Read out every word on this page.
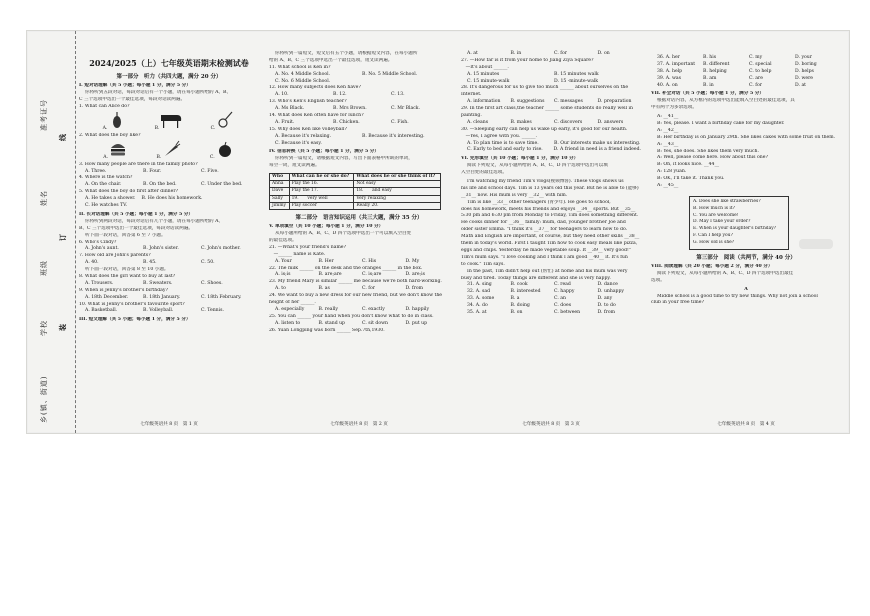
乡(镇、街道)
学校
班级
姓名
准考证号
装
订
线

2024/2025（上）七年级英语期末检测试卷

第一部分　听力（共四大题，满分 20 分）

I. 短对话理解（共 5 小题；每小题 1 分，满分 5 分）

你将听到五段对话，每段对话后有一个小题，请在每小题所给的 A、B、

C 三个选项中选出一个最佳选项，每段对话读两遍。

1. What can Alice do?

A.	B.	C.

2. What does the boy like?

A.	B.	C.

3. How many people are there in the family photo?

A. Three.	B. Four.	C. Five.

4. Where is the watch?

A. On the chair.	B. On the bed.	C. Under the bed.

5. What does the boy do first after dinner?

A. He takes a shower.	B. He does his homework.
C. He watches TV.

II. 长对话理解（共 5 小题；每小题 1 分，满分 5 分）

你将听到两段对话，每段对话后有几个小题，请在每小题所给的 A、

B、C 三个选项中选出一个最佳选项，每段对话读两遍。

听下面一段对话，回答第 6 至 7 小题。

6. Who's Cindy?

A. John's aunt.	B. John's sister.	C. John's mother.

7. How old are John's parents?

A. 40.	B. 45.	C. 50.

听下面一段对话，回答第 8 至 10 小题。

8. What does the girl want to buy at last?

A. Trousers.	B. Sweaters.	C. Shoes.

9. When is Jenny's brother's birthday?

A. 18th December.	B. 18th January.	C. 18th February.

10. What is Jenny's brother's favourite sport?

A. Basketball.	B. Volleyball.	C. Tennis.

III. 短文理解（共 5 小题；每小题 1 分，满分 5 分）

七年级英语共 8 页　第 1 页

你将听到一篇短文，短文后有五个小题，请根据短文内容，在每小题所

给的 A、B、C 三个选项中选出一个最佳选项，短文读两遍。

11. What school is Ken in?

A. No. 4 Middle School.	B. No. 5 Middle School.
C. No. 6 Middle School.

12. How many subjects does Ken have?

A. 10.	B. 12.	C. 13.

13. Who's Ken's English teacher?

A. Ms Black.	B. Mrs Brown.	C. Mr Black.

14. What does Ken often have for lunch?

A. Fruit.	B. Chicken.	C. Fish.

15. Why does Ken like volleyball?

A. Because it's relaxing.	B. Because it's interesting.
C. Because it's easy.

IV. 信息转换（共 5 小题；每小题 1 分，满分 5 分）

你将听到一篇短文，请根据短文内容，写出下面表格中所缺的单词，

每空一词，短文读两遍。

Who	What can he or she do?	What does he or she think of it?
Anna	Play the 16.	Not easy
Dave	Play the 17.	18.　　and easy
Sally	19.　　very well	Very relaxing
Jimmy	Play soccer	Really 20.

第二部分　语言知识运用（共三大题，满分 35 分）

V. 单项填空（共 10 小题；每小题 1 分，满分 10 分）

从每小题所给的 A、B、C、D 四个选项中选出一个可以填入空白处

的最佳选项。

21. —What's your friend's name?

　—______ name is Kate.

A. Your	B. Her	C. His	D. My

22. The milk ______ on the desk and the oranges ______ in the box.

A. is;is	B. are;are	C. is;are	D. are;is

23. My friend Mary is similar ______ me because we're both hard-working.

A. to	B. as	C. for	D. from

24. We want to buy a new dress for our new friend, but we don't know the

height of her ______.

A. especially	B. really	C. exactly	D. happily

25. You can ______ your hand when you don't know what to do in class.

A. listen to	B. stand up	C. sit down	D. put up

26. Yuan Longping was born ______ Sep.7th,1930.

七年级英语共 8 页　第 2 页

A. at	B. in	C. for	D. on

27. —How far is it from your home to Jiang Ziya Square?

　—It's about ______.

A. 15 minutes	B. 15 minutes walk
C. 15 minute-walk	D. 15 -minute-walk

28. It's dangerous for us to give too much ______ about ourselves on the

Internet.

A. information	B. suggestions	C. messages	D. preparation

29. In the first art class,the teacher ______ some students do really well in

painting.

A. cleans	B. makes	C. discovers	D. answers

30. —Sleeping early can help us wake up early, it's good for our health.

　—Yes, I agree with you. ______.

A. To plan time is to save time.	B. Our interests make us interesting.
C. Early to bed and early to rise.	D. A friend in need is a friend indeed.

VI. 完形填空（共 10 小题；每小题 1 分，满分 10 分）

阅读下列短文，从每小题所给的 A、B、C、D 四个选项中选出可以填

入空白处的最佳选项。

I'm watching my friend Tim's vlogs(视频博客). These vlogs shows us

his life and school days. Tim is 13 years old this year. But he is able to (能够)

__31__ now. His mum is very __32__ with him.

Tim is like __33__ other teenagers (青少年). He goes to school,

does his homework, meets his friends and enjoys __34__ sports. But __35__

5:30 pm and 6:30 pm from Monday to Friday, Tim does something different.

He cooks dinner for __36__ family: mum, dad, younger brother Joe and

older sister Emma. "I think it's __37__ for teenagers to learn how to do.

Math and English are important, of course, but they need other skills __38__

them in today's world. First I taught Tim how to cook easy meals like pizza,

eggs and chips. Yesterday he made vegetable soup. It __39__ very good!"

Tim's mum says. "I love cooking and I think I am good __40__ it. It's fun

to cook." Tim says.

In the past, Tim didn't help out (帮忙) at home and his mum was very

busy and tired. Today things are different and she is very happy.

31. A. sing	B. cook	C. read	D. dance
32. A. sad	B. interested	C. happy	D. unhappy
33. A. some	B. a	C. an	D. any
34. A. do	B. doing	C. does	D. to do
35. A. at	B. on	C. between	D. from
七年级英语共 8 页　第 3 页

36. A. her	B. his	C. my	D. your
37. A. important	B. different	C. special	D. boring
38. A. help	B. helping	C. to help	D. helps
39. A. was	B. am	C. are	D. were
40. A. on	B. in	C. for	D. at

VII. 补全对话（共 5 小题；每小题 1 分，满分 5 分）

根据对话内容，从方框内的选项中选出能填入空白处的最佳选项，其

中有两个为多余选项。

A: __41__

B: Yes, please. I want a birthday cake for my daughter.

A: __42__

B: Her birthday is on January 29th. She likes cakes with some fruit on them.

A: __43__

B: Yes, she does. She likes them very much.

A: Well, please come here. How about this one?

B: Oh, it looks nice. __44__

A: 128 yuan.

B: OK, I'll take it. Thank you.

A: __45__

A. Does she like strawberries?

B. How much is it?

C. You are welcome!

D. May I take your order?

E. When is your daughter's birthday?

F. Can I help you?

G. How old is she?

第三部分　阅读（共两节，满分 40 分）

VIII. 阅读理解（共 20 小题；每小题 2 分，满分 40 分）

阅读下列短文，从每小题所给的 A、B、C、D 四个选项中选出最佳

选项。

A

Middle school is a good time to try new things. Why not join a school

club in your free time?

七年级英语共 8 页　第 4 页
